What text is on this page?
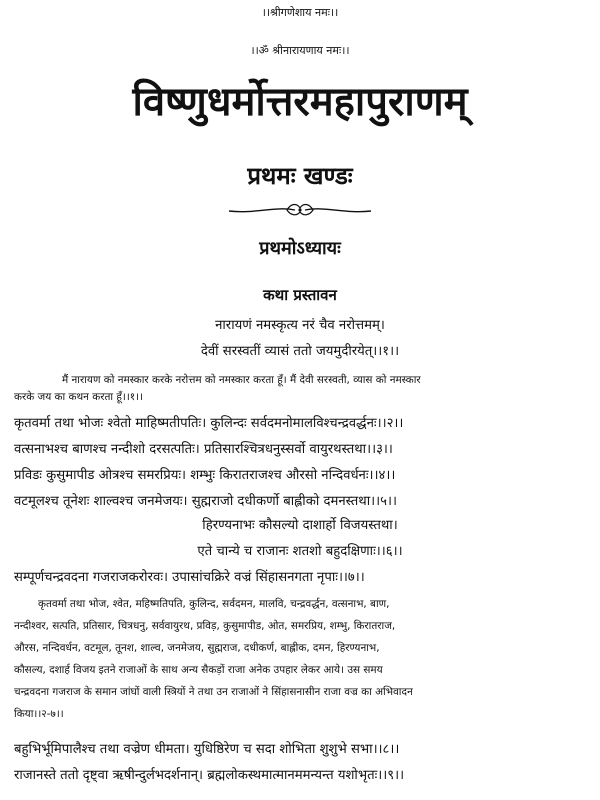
।।श्रीगणेशाय नमः।।
।।ॐ श्रीनारायणाय नमः।।
विष्णुधर्मोत्तरमहापुराणम्
प्रथमः खण्डः
प्रथमोऽध्यायः
कथा प्रस्तावन
नारायणं नमस्कृत्य नरं चैव नरोत्तमम्।
देवीं सरस्वतीं व्यासं ततो जयमुदीरयेत्।।१।।
मैं नारायण को नमस्कार करके नरोत्तम को नमस्कार करता हूँ। मैं देवी सरस्वती, व्यास को नमस्कार
करके जय का कथन करता हूँ।।१।।
कृतवर्मा तथा भोजः श्वेतो माहिष्मतीपतिः। कुलिन्दः सर्वदमनोमालविश्चन्द्रवर्द्धनः।।२।।
वत्सनाभश्च बाणश्च नन्दीशो दरसत्पतिः। प्रतिसारश्चित्रधनुस्सर्वो वायुरथस्तथा।।३।।
प्रविडः कुसुमापीड ओत्रश्च समरप्रियः। शम्भुः किरातराजश्च औरसो नन्दिवर्धनः।।४।।
वटमूलश्च तूनेशः शाल्वश्च जनमेजयः। सुह्मराजो दधीकर्णो बाह्लीको दमनस्तथा।।५।।
हिरण्यनाभः कौसल्यो दाशार्हो विजयस्तथा।
एते चान्ये च राजानः शतशो बहुदक्षिणाः।।६।।
सम्पूर्णचन्द्रवदना गजराजकरोरवः। उपासांचक्रिरे वज्रं सिंहासनगता नृपाः।।७।।
कृतवर्मा तथा भोज, श्वेत, महिष्मतिपति, कुलिन्द, सर्वदमन, मालवि, चन्द्रवर्द्धन, वत्सनाभ, बाण,
नन्दीश्वर, सत्पति, प्रतिसार, चित्रधनु, सर्ववायुरथ, प्रविड़, कुसुमापीड, ओत, समरप्रिय, शम्भु, किरातराज,
औरस, नन्दिवर्धन, वटमूल, तूनश, शाल्व, जनमेजय, सुह्मराज, दधीकर्ण, बाह्लीक, दमन, हिरण्यनाभ,
कौसल्य, दशार्ह विजय इतने राजाओं के साथ अन्य सैकड़ों राजा अनेक उपहार लेकर आये। उस समय
चन्द्रवदना गजराज के समान जांघों वाली स्त्रियों ने तथा उन राजाओं ने सिंहासनासीन राजा वज्र का अभिवादन
किया।।२-७।।
बहुभिर्भूमिपालैश्च तथा वज्रेण धीमता। युधिष्ठिरेण च सदा शोभिता शुशुभे सभा।।८।।
राजानस्ते ततो दृष्ट्वा ऋषीन्दुर्लभदर्शनान्। ब्रह्मलोकस्थमात्मानममन्यन्त यशोभृतः।।९।।
